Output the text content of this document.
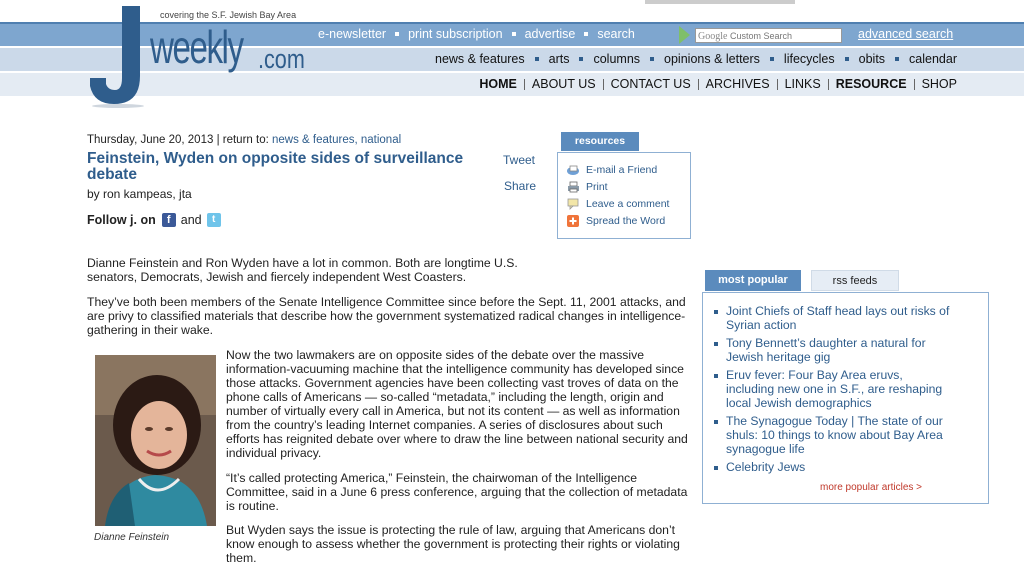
covering the S.F. Jewish Bay Area
weekly .com
e-newsletter print subscription advertise search	Google Custom Search	advanced search
news & features arts columns opinions & letters lifecycles obits calendar
HOME ABOUT US CONTACT US ARCHIVES LINKS RESOURCE SHOP
Thursday, June 20, 2013 | return to: news & features, national
Feinstein, Wyden on opposite sides of surveillance debate
by ron kampeas, jta
Follow j. on	f and	t
Tweet
Share
resources
E-mail a Friend
Print
Leave a comment
Spread the Word
Dianne Feinstein and Ron Wyden have a lot in common. Both are longtime U.S. senators, Democrats, Jewish and fiercely independent West Coasters.
They’ve both been members of the Senate Intelligence Committee since before the Sept. 11, 2001 attacks, and are privy to classified materials that describe how the government systematized radical changes in intelligence-gathering in their wake.
Dianne Feinstein
Now the two lawmakers are on opposite sides of the debate over the massive information-vacuuming machine that the intelligence community has developed since those attacks. Government agencies have been collecting vast troves of data on the phone calls of Americans — so-called “metadata,” including the length, origin and number of virtually every call in America, but not its content — as well as information from the country’s leading Internet companies. A series of disclosures about such efforts has reignited debate over where to draw the line between national security and individual privacy.
“It’s called protecting America,” Feinstein, the chairwoman of the Intelligence Committee, said in a June 6 press conference, arguing that the collection of metadata is routine.
But Wyden says the issue is protecting the rule of law, arguing that Americans don’t know enough to assess whether the government is protecting their rights or violating them.
most popular	rss feeds
Joint Chiefs of Staff head lays out risks of Syrian action
Tony Bennett’s daughter a natural for Jewish heritage gig
Eruv fever: Four Bay Area eruvs, including new one in S.F., are reshaping local Jewish demographics
The Synagogue Today | The state of our shuls: 10 things to know about Bay Area synagogue life
Celebrity Jews
more popular articles >
